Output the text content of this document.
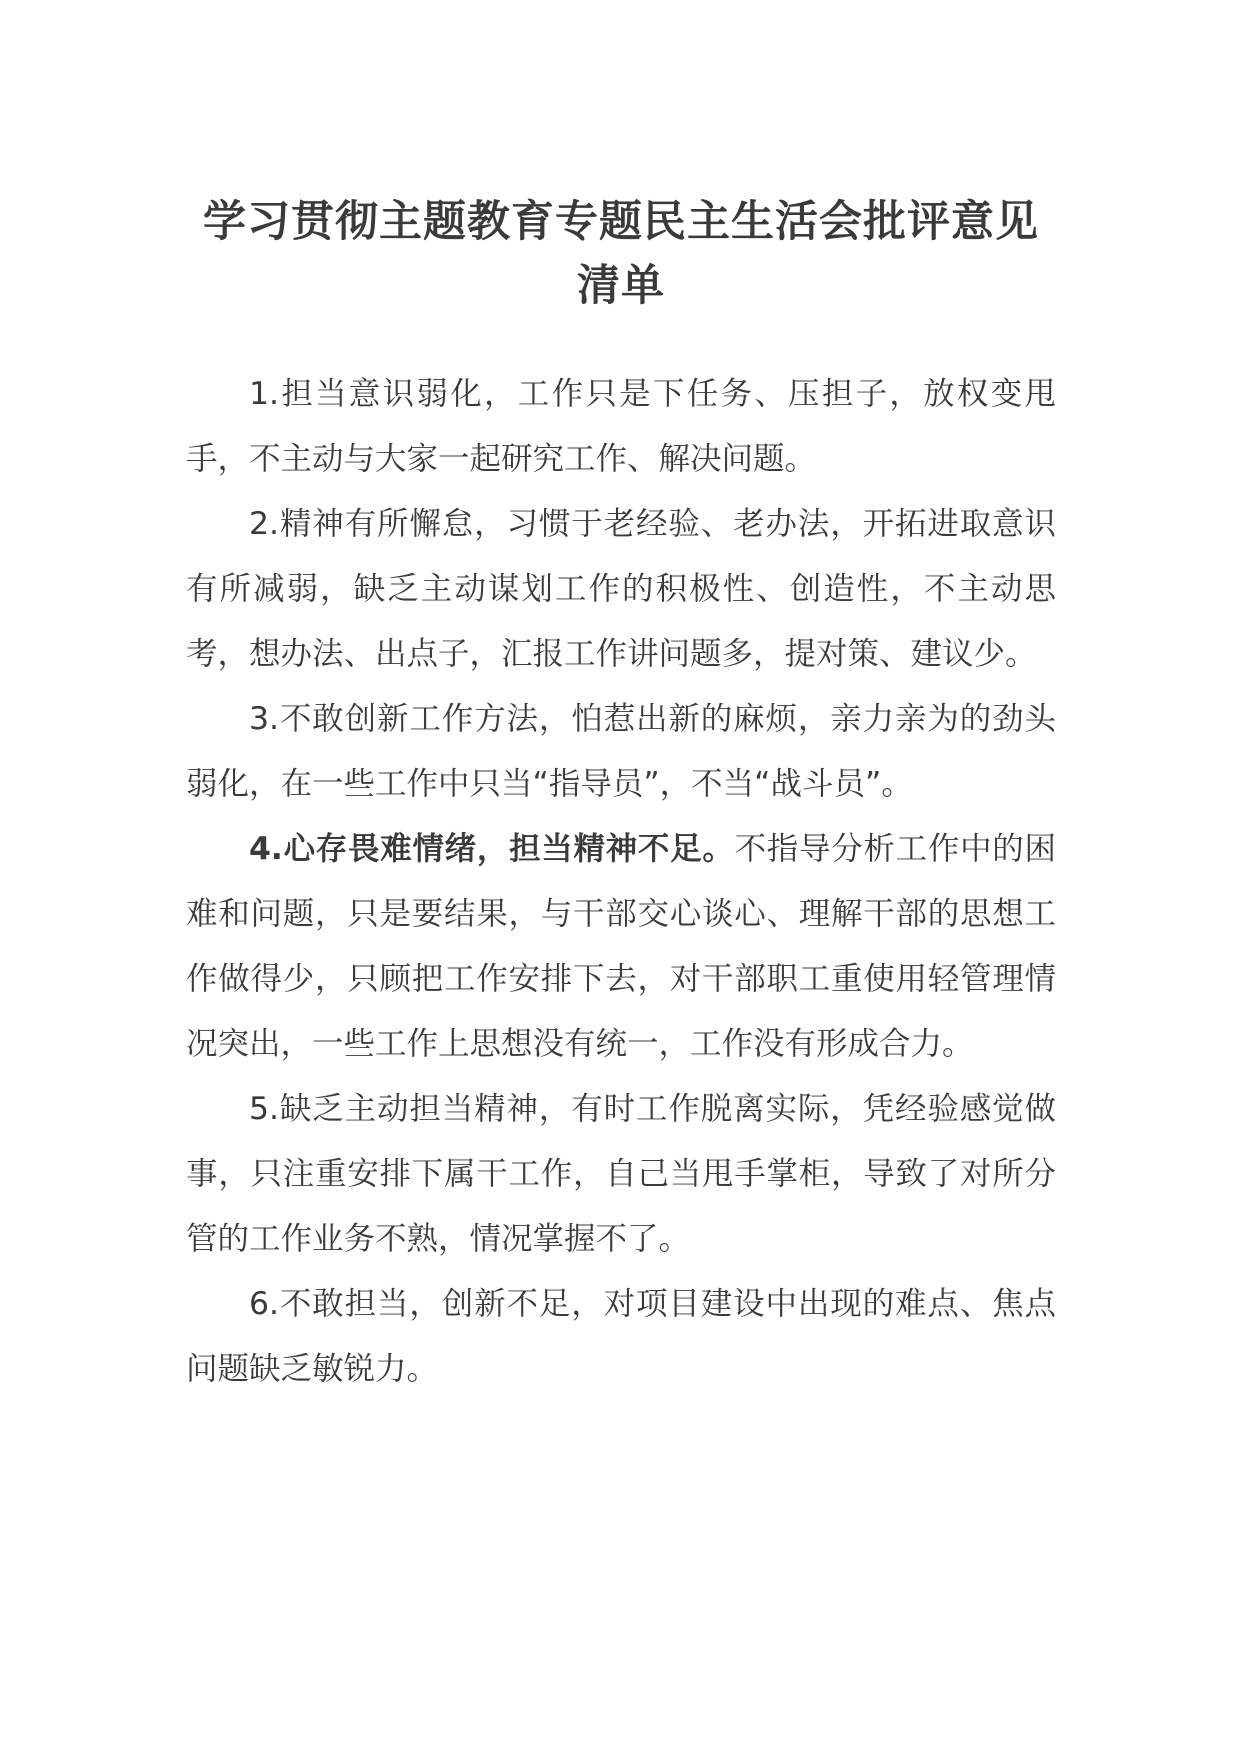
学习贯彻主题教育专题民主生活会批评意见
清单

1.担当意识弱化，工作只是下任务、压担子，放权变甩手，不主动与大家一起研究工作、解决问题。

2.精神有所懈怠，习惯于老经验、老办法，开拓进取意识有所减弱，缺乏主动谋划工作的积极性、创造性，不主动思考，想办法、出点子，汇报工作讲问题多，提对策、建议少。

3.不敢创新工作方法，怕惹出新的麻烦，亲力亲为的劲头弱化，在一些工作中只当“指导员”，不当“战斗员”。

4.心存畏难情绪，担当精神不足。不指导分析工作中的困难和问题，只是要结果，与干部交心谈心、理解干部的思想工作做得少，只顾把工作安排下去，对干部职工重使用轻管理情况突出，一些工作上思想没有统一，工作没有形成合力。

5.缺乏主动担当精神，有时工作脱离实际，凭经验感觉做事，只注重安排下属干工作，自己当甩手掌柜，导致了对所分管的工作业务不熟，情况掌握不了。

6.不敢担当，创新不足，对项目建设中出现的难点、焦点问题缺乏敏锐力。
